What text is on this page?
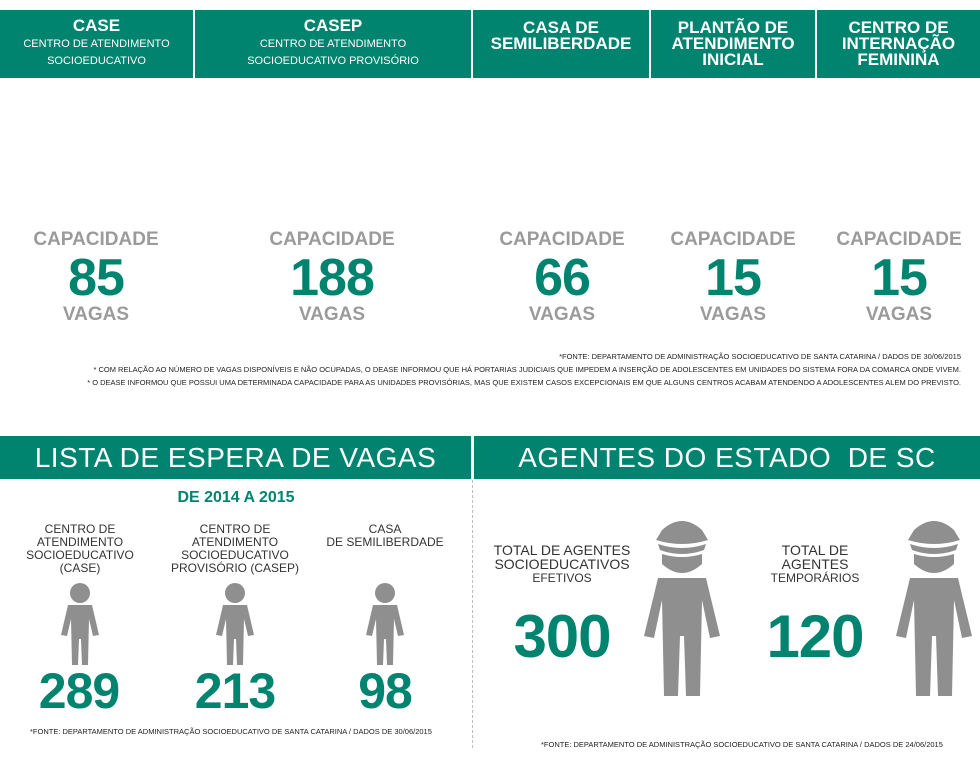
CASE
CENTRO DE ATENDIMENTO
SOCIOEDUCATIVO
CASEP
CENTRO DE ATENDIMENTO
SOCIOEDUCATIVO PROVISÓRIO
CASA DE
SEMILIBERDADE
PLANTÃO DE
ATENDIMENTO
INICIAL
CENTRO DE
INTERNAÇÃO
FEMININA
CAPACIDADE
85
VAGAS
CAPACIDADE
188
VAGAS
CAPACIDADE
66
VAGAS
CAPACIDADE
15
VAGAS
CAPACIDADE
15
VAGAS
*FONTE: DEPARTAMENTO DE ADMINISTRAÇÃO SOCIOEDUCATIVO DE SANTA CATARINA / DADOS DE 30/06/2015
* COM RELAÇÃO AO NÚMERO DE VAGAS DISPONÍVEIS E NÃO OCUPADAS, O DEASE INFORMOU QUE HÁ PORTARIAS JUDICIAIS QUE IMPEDEM A INSERÇÃO DE ADOLESCENTES EM UNIDADES DO SISTEMA FORA DA COMARCA ONDE VIVEM.
* O DEASE INFORMOU QUE POSSUI UMA DETERMINADA CAPACIDADE PARA AS UNIDADES PROVISÓRIAS, MAS QUE EXISTEM CASOS EXCEPCIONAIS EM QUE ALGUNS CENTROS ACABAM ATENDENDO A ADOLESCENTES ALEM DO PREVISTO.
LISTA DE ESPERA DE VAGAS	AGENTES DO ESTADO  DE SC
DE 2014 A 2015
CENTRO DE
ATENDIMENTO
SOCIOEDUCATIVO
(CASE)
CENTRO DE
ATENDIMENTO
SOCIOEDUCATIVO
PROVISÓRIO (CASEP)
CASA
DE SEMILIBERDADE
289	213	98
*FONTE: DEPARTAMENTO DE ADMINISTRAÇÃO SOCIOEDUCATIVO DE SANTA CATARINA / DADOS DE 30/06/2015
TOTAL DE AGENTES
SOCIOEDUCATIVOS
EFETIVOS
TOTAL DE
AGENTES
TEMPORÁRIOS
300	120
*FONTE: DEPARTAMENTO DE ADMINISTRAÇÃO SOCIOEDUCATIVO DE SANTA CATARINA / DADOS DE 24/06/2015
